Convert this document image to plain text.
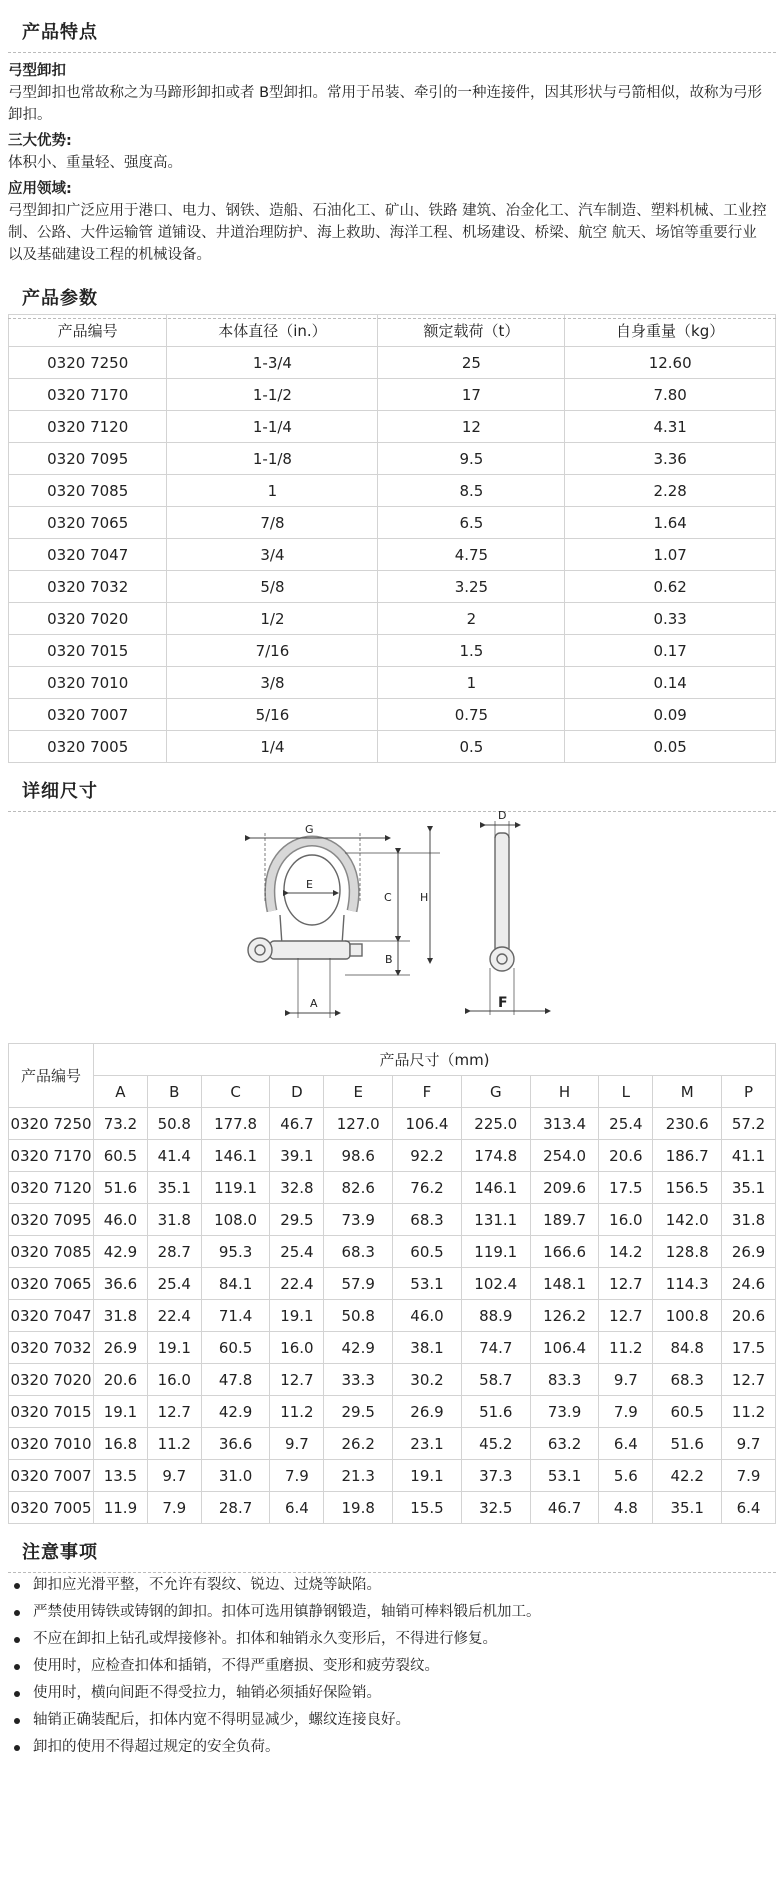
产品特点
弓型卸扣

弓型卸扣也常故称之为马蹄形卸扣或者 B型卸扣。常用于吊装、牵引的一种连接件，因其形状与弓箭相似，故称为弓形卸扣。

三大优势:

体积小、重量轻、强度高。

应用领域:

弓型卸扣广泛应用于港口、电力、钢铁、造船、石油化工、矿山、铁路 建筑、冶金化工、汽车制造、塑料机械、工业控制、公路、大件运输管 道铺设、井道治理防护、海上救助、海洋工程、机场建设、桥梁、航空 航天、场馆等重要行业以及基础建设工程的机械设备。

产品参数
产品编号	本体直径（in.）	额定载荷（t）	自身重量（kg）
0320 7250	1-3/4	25	12.60
0320 7170	1-1/2	17	7.80
0320 7120	1-1/4	12	4.31
0320 7095	1-1/8	9.5	3.36
0320 7085	1	8.5	2.28
0320 7065	7/8	6.5	1.64
0320 7047	3/4	4.75	1.07
0320 7032	5/8	3.25	0.62
0320 7020	1/2	2	0.33
0320 7015	7/16	1.5	0.17
0320 7010	3/8	1	0.14
0320 7007	5/16	0.75	0.09
0320 7005	1/4	0.5	0.05
详细尺寸
G
E
C	H
B
A
D
F
产品编号	产品尺寸（mm)										
	A	B	C	D	E	F	G	H	L	M	P
0320 7250	73.2	50.8	177.8	46.7	127.0	106.4	225.0	313.4	25.4	230.6	57.2
0320 7170	60.5	41.4	146.1	39.1	98.6	92.2	174.8	254.0	20.6	186.7	41.1
0320 7120	51.6	35.1	119.1	32.8	82.6	76.2	146.1	209.6	17.5	156.5	35.1
0320 7095	46.0	31.8	108.0	29.5	73.9	68.3	131.1	189.7	16.0	142.0	31.8
0320 7085	42.9	28.7	95.3	25.4	68.3	60.5	119.1	166.6	14.2	128.8	26.9
0320 7065	36.6	25.4	84.1	22.4	57.9	53.1	102.4	148.1	12.7	114.3	24.6
0320 7047	31.8	22.4	71.4	19.1	50.8	46.0	88.9	126.2	12.7	100.8	20.6
0320 7032	26.9	19.1	60.5	16.0	42.9	38.1	74.7	106.4	11.2	84.8	17.5
0320 7020	20.6	16.0	47.8	12.7	33.3	30.2	58.7	83.3	9.7	68.3	12.7
0320 7015	19.1	12.7	42.9	11.2	29.5	26.9	51.6	73.9	7.9	60.5	11.2
0320 7010	16.8	11.2	36.6	9.7	26.2	23.1	45.2	63.2	6.4	51.6	9.7
0320 7007	13.5	9.7	31.0	7.9	21.3	19.1	37.3	53.1	5.6	42.2	7.9
0320 7005	11.9	7.9	28.7	6.4	19.8	15.5	32.5	46.7	4.8	35.1	6.4
注意事项
卸扣应光滑平整，不允许有裂纹、锐边、过烧等缺陷。
严禁使用铸铁或铸钢的卸扣。扣体可选用镇静钢锻造，轴销可棒料锻后机加工。
不应在卸扣上钻孔或焊接修补。扣体和轴销永久变形后，不得进行修复。
使用时，应检查扣体和插销，不得严重磨损、变形和疲劳裂纹。
使用时，横向间距不得受拉力，轴销必须插好保险销。
轴销正确装配后，扣体内宽不得明显减少，螺纹连接良好。
卸扣的使用不得超过规定的安全负荷。
